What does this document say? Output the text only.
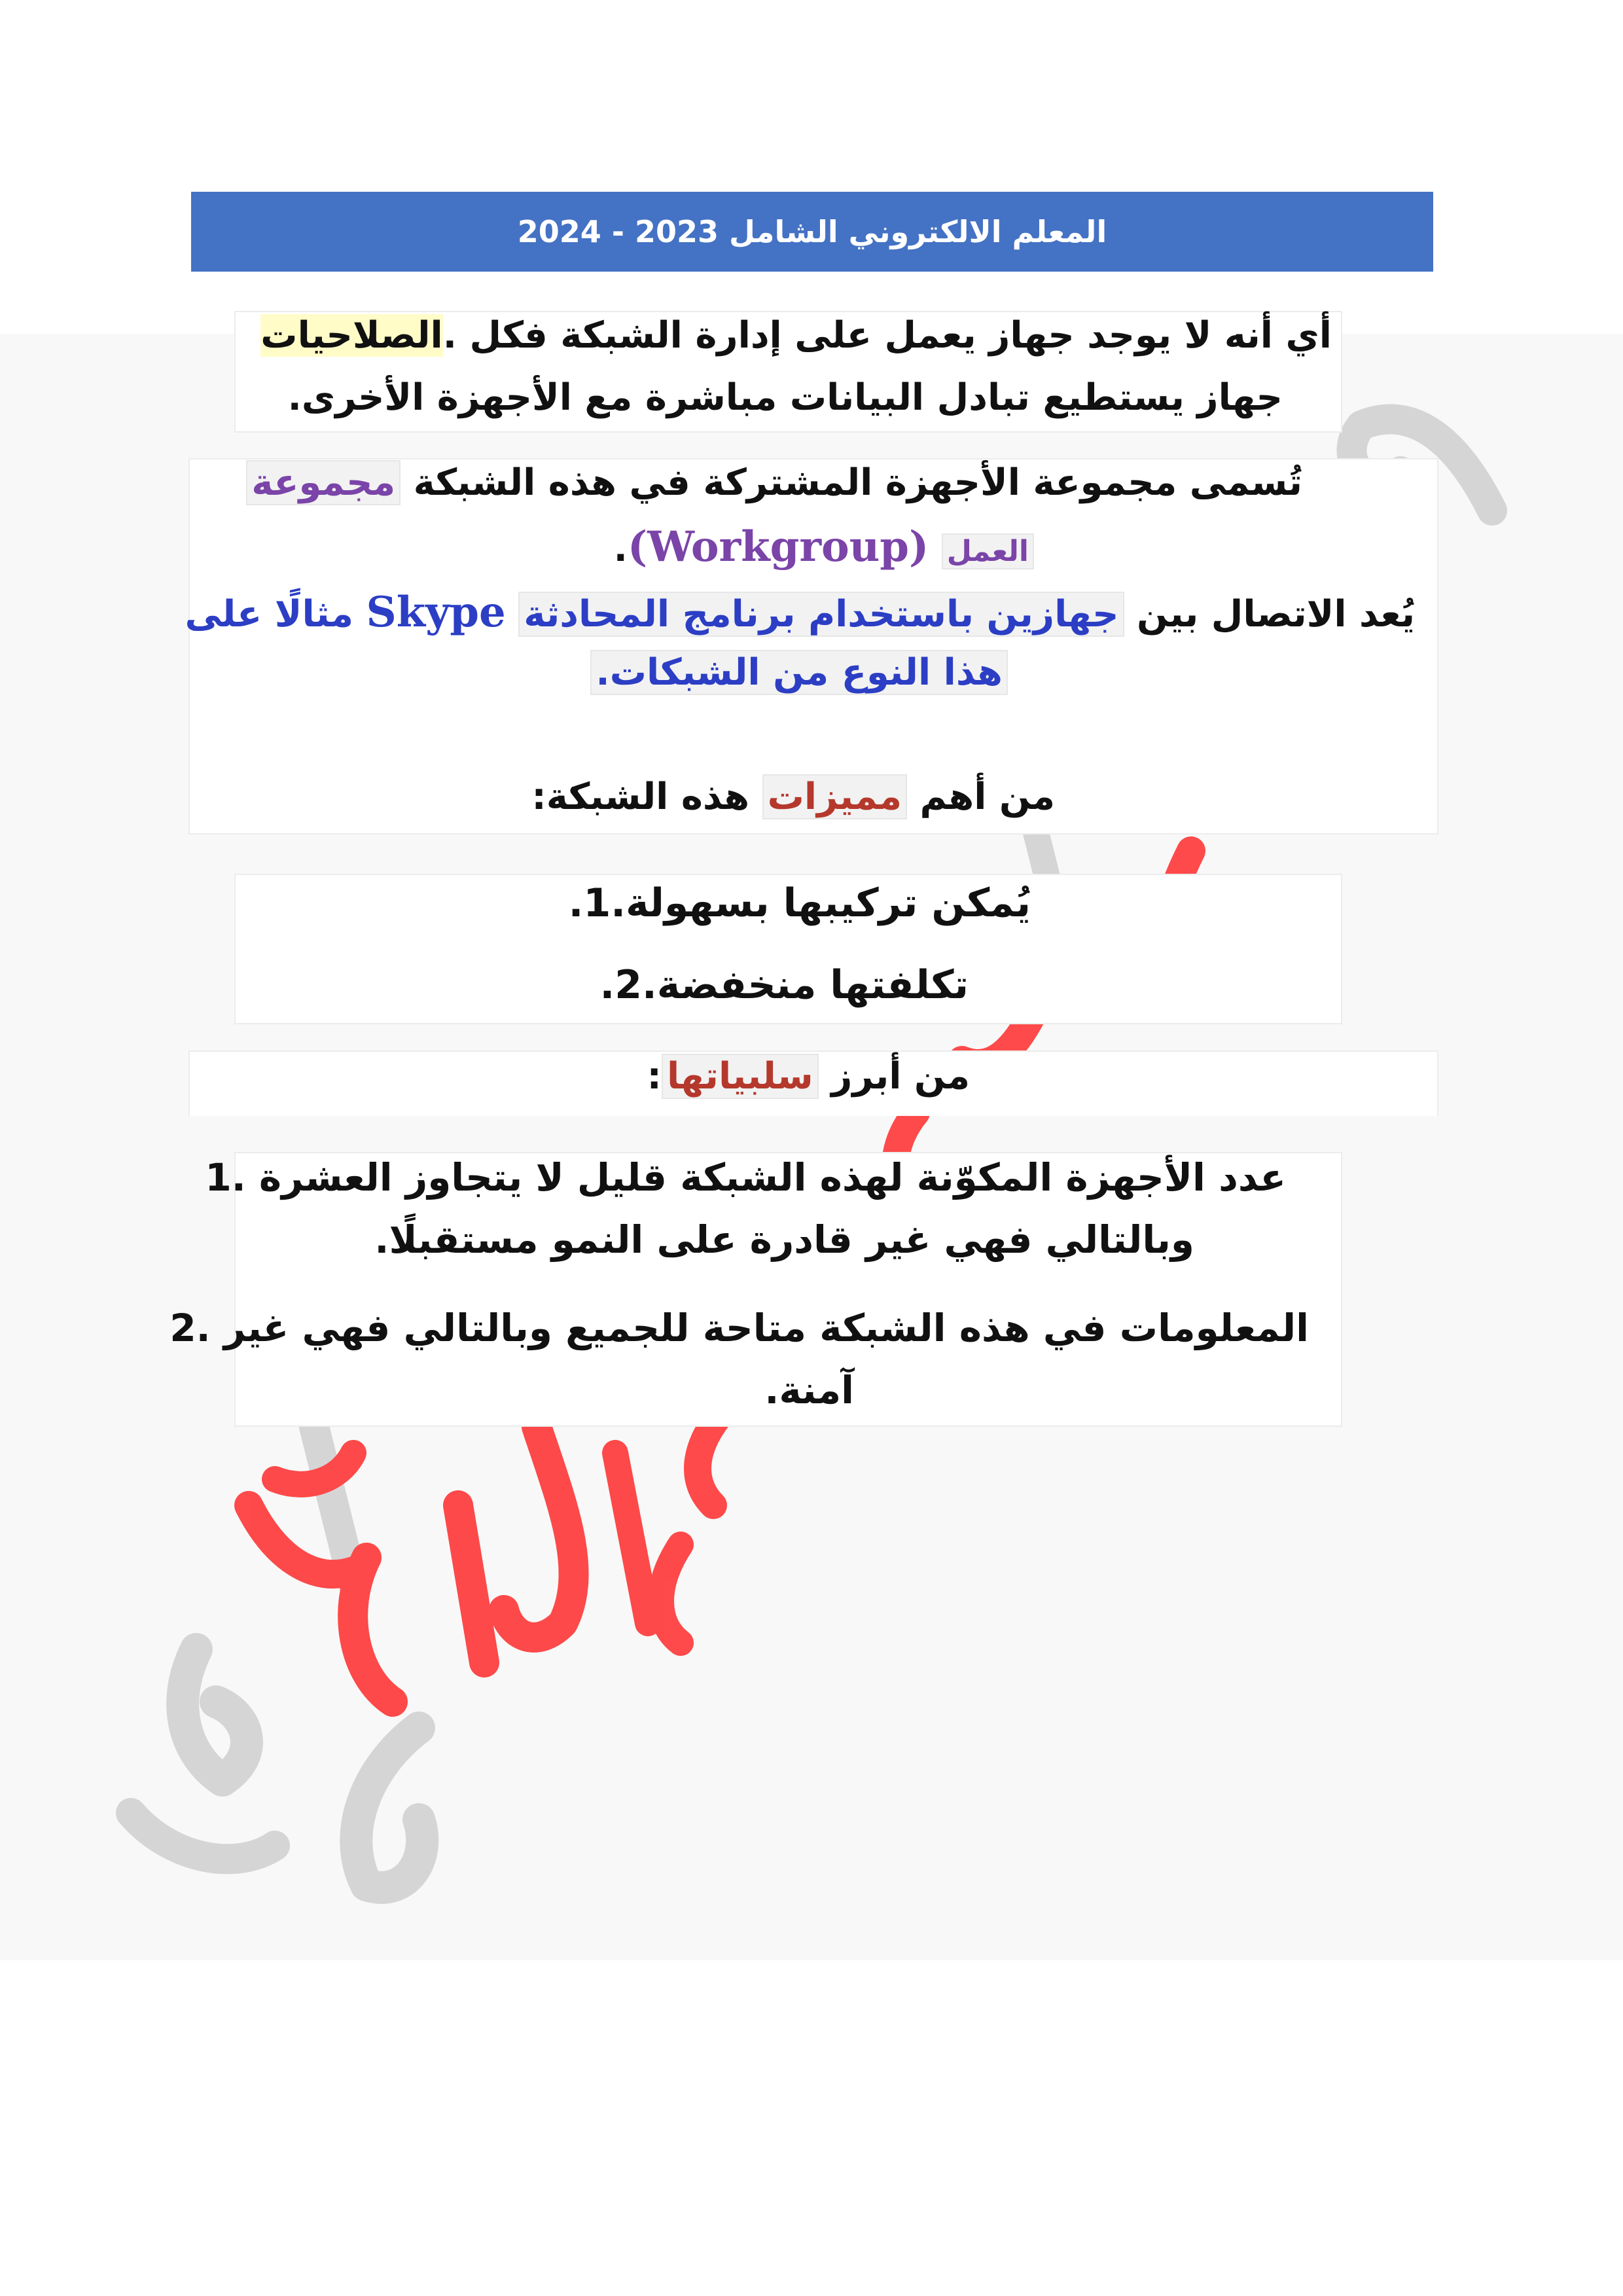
المعلم الالكتروني الشامل 2023 - 2024
أي أنه لا يوجد جهاز يعمل على إدارة الشبكة فكل .الصلاحيات
جهاز يستطيع تبادل البيانات مباشرة مع الأجهزة الأخرى.
تُسمى مجموعة الأجهزة المشتركة في هذه الشبكة مجموعة
العمل (Workgroup).
يُعد الاتصال بين جهازين باستخدام برنامج المحادثة Skype مثالًا على
هذا النوع من الشبكات.
من أهم مميزات هذه الشبكة:
يُمكن تركيبها بسهولة.1.
تكلفتها منخفضة.2.
من أبرز سلبياتها:
عدد الأجهزة المكوّنة لهذه الشبكة قليل لا يتجاوز العشرة .1
وبالتالي فهي غير قادرة على النمو مستقبلًا.
المعلومات في هذه الشبكة متاحة للجميع وبالتالي فهي غير .2
آمنة.
